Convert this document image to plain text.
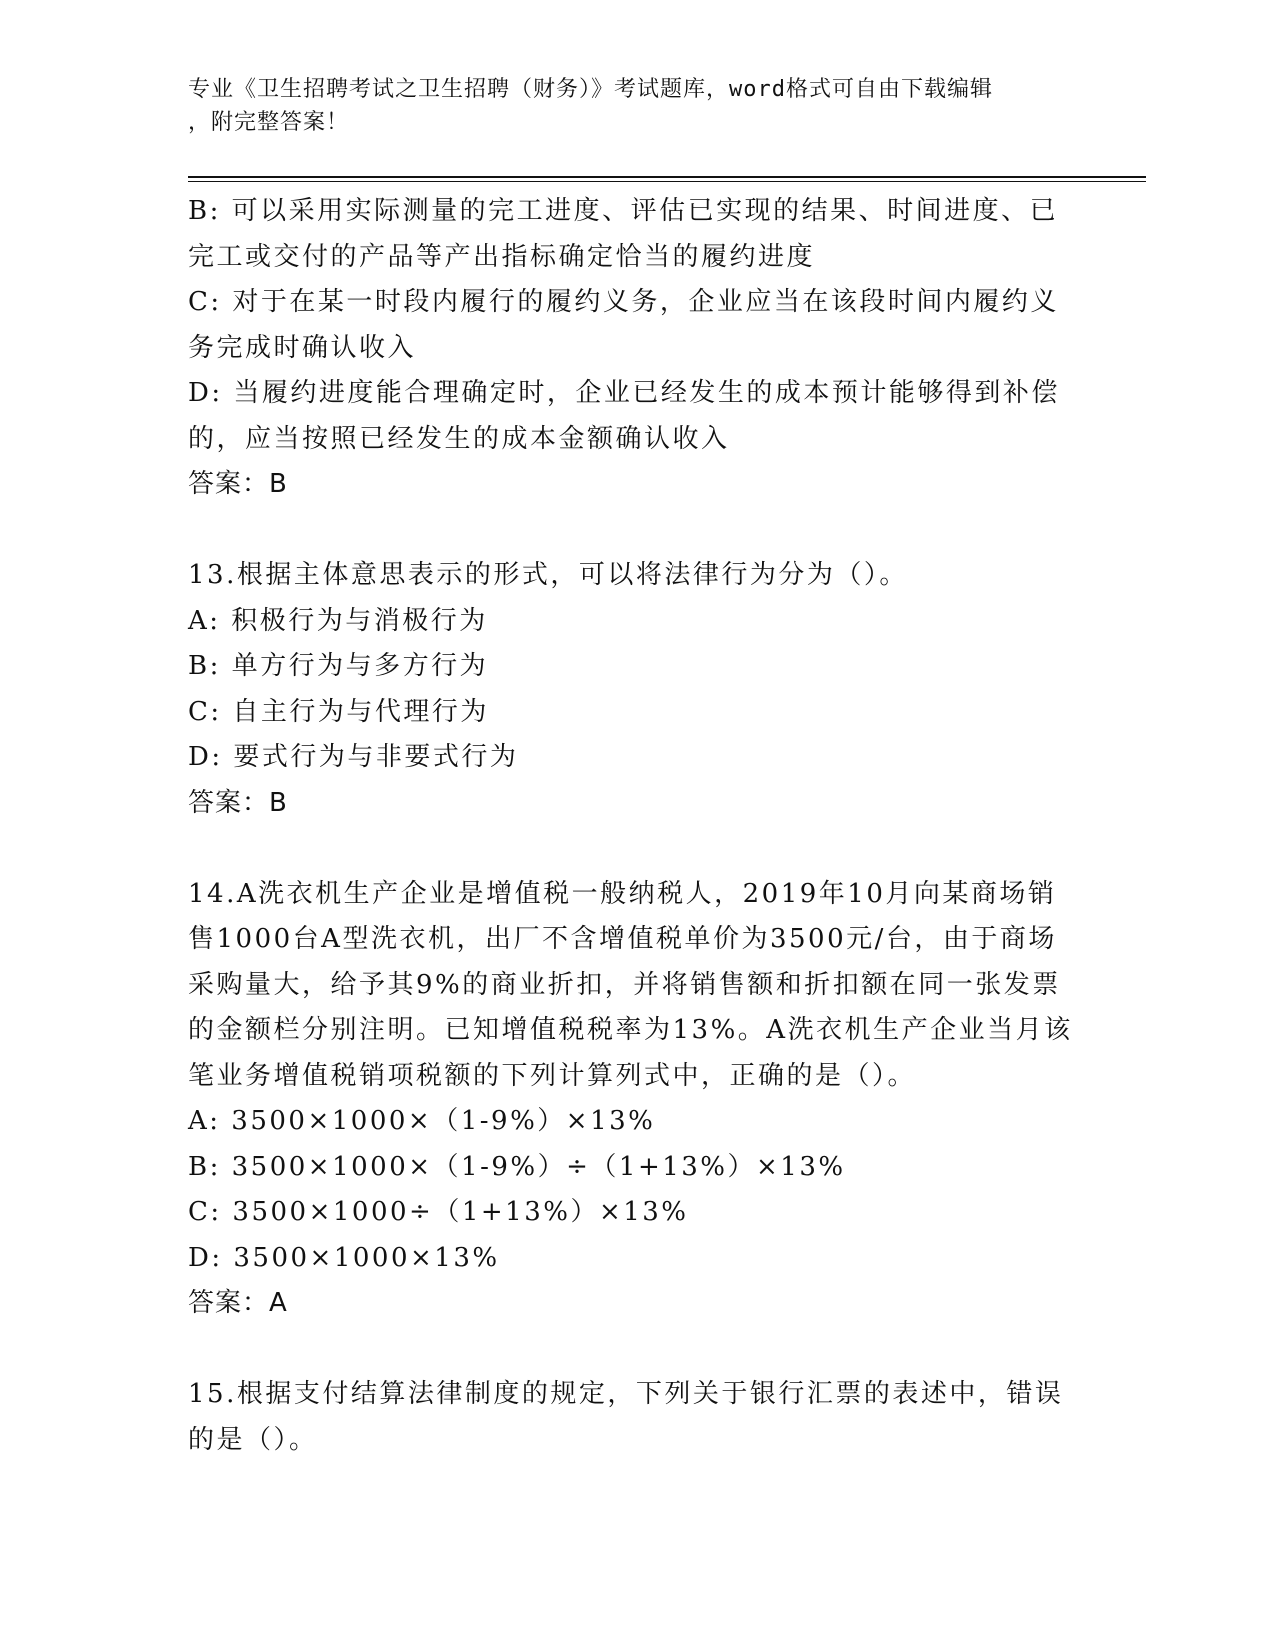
专业《卫生招聘考试之卫生招聘（财务）》考试题库，word格式可自由下载编辑
，附完整答案！
B: 可以采用实际测量的完工进度、评估已实现的结果、时间进度、已
完工或交付的产品等产出指标确定恰当的履约进度
C: 对于在某一时段内履行的履约义务，企业应当在该段时间内履约义
务完成时确认收入
D: 当履约进度能合理确定时，企业已经发生的成本预计能够得到补偿
的，应当按照已经发生的成本金额确认收入
答案：B
13.根据主体意思表示的形式，可以将法律行为分为（）。
A: 积极行为与消极行为
B: 单方行为与多方行为
C: 自主行为与代理行为
D: 要式行为与非要式行为
答案：B
14.A洗衣机生产企业是增值税一般纳税人，2019年10月向某商场销
售1000台A型洗衣机，出厂不含增值税单价为3500元/台，由于商场
采购量大，给予其9%的商业折扣，并将销售额和折扣额在同一张发票
的金额栏分别注明。已知增值税税率为13%。A洗衣机生产企业当月该
笔业务增值税销项税额的下列计算列式中，正确的是（）。
A: 3500×1000×（1-9%）×13%
B: 3500×1000×（1-9%）÷（1+13%）×13%
C: 3500×1000÷（1+13%）×13%
D: 3500×1000×13%
答案：A
15.根据支付结算法律制度的规定，下列关于银行汇票的表述中，错误
的是（）。
